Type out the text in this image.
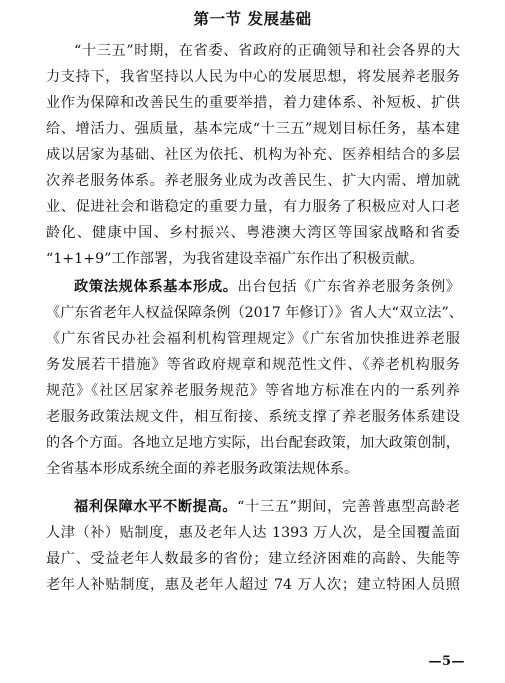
第一节 发展基础
“十三五”时期，在省委、省政府的正确领导和社会各界的大
力支持下，我省坚持以人民为中心的发展思想，将发展养老服务
业作为保障和改善民生的重要举措，着力建体系、补短板、扩供
给、增活力、强质量，基本完成“十三五”规划目标任务，基本建
成以居家为基础、社区为依托、机构为补充、医养相结合的多层
次养老服务体系。养老服务业成为改善民生、扩大内需、增加就
业、促进社会和谐稳定的重要力量，有力服务了积极应对人口老
龄化、健康中国、乡村振兴、粤港澳大湾区等国家战略和省委
“1+1+9”工作部署，为我省建设幸福广东作出了积极贡献。
政策法规体系基本形成。出台包括《广东省养老服务条例》
《广东省老年人权益保障条例（2017 年修订）》省人大“双立法”、
《广东省民办社会福利机构管理规定》《广东省加快推进养老服
务发展若干措施》等省政府规章和规范性文件、《养老机构服务
规范》《社区居家养老服务规范》等省地方标准在内的一系列养
老服务政策法规文件，相互衔接、系统支撑了养老服务体系建设
的各个方面。各地立足地方实际，出台配套政策，加大政策创制，
全省基本形成系统全面的养老服务政策法规体系。
福利保障水平不断提高。“十三五”期间，完善普惠型高龄老
人津（补）贴制度，惠及老年人达 1393 万人次，是全国覆盖面
最广、受益老年人数最多的省份；建立经济困难的高龄、失能等
老年人补贴制度，惠及老年人超过 74 万人次；建立特困人员照
—5—
